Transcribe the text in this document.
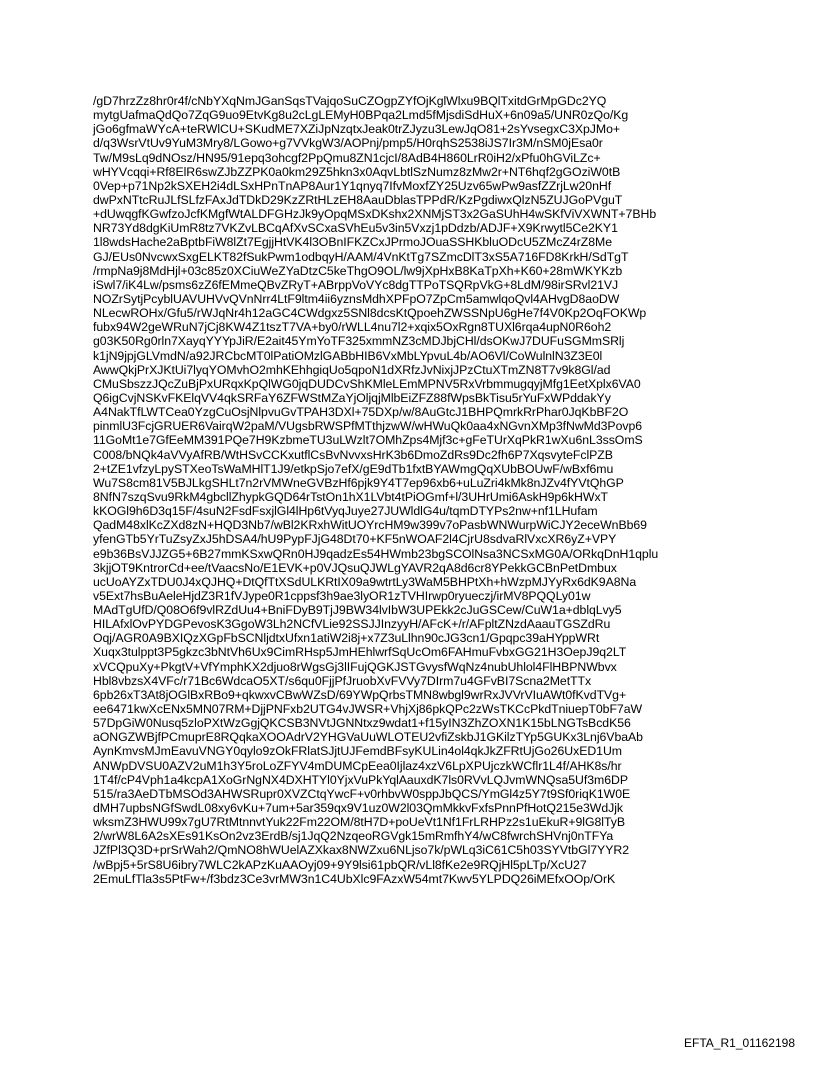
/gD7hrzZz8hr0r4f/cNbYXqNmJGanSqsTVajqoSuCZOgpZYfOjKglWlxu9BQlTxitdGrMpGDc2YQ
mytgUafmaQdQo7ZqG9uo9EtvKg8u2cLgLEMyH0BPqa2Lmd5fMjsdiSdHuX+6n09a5/UNR0zQo/Kg
jGo6gfmaWYcA+teRWlCU+SKudME7XZiJpNzqtxJeak0trZJyzu3LewJqO81+2sYvsegxC3XpJMo+
d/q3WsrVtUv9YuM3Mry8/LGowo+g7VVkgW3/AOPnj/pmp5/H0rqhS2538iJS7Ir3M/nSM0jEsa0r
Tw/M9sLq9dNOsz/HN95/91epq3ohcgf2PpQmu8ZN1cjcI/8AdB4H860LrR0iH2/xPfu0hGViLZc+
wHYVcqqi+Rf8ElR6swZJbZZPK0a0km29Z5hkn3x0AqvLbtlSzNumz8zMw2r+NT6hqf2gGOziW0tB
0Vep+p71Np2kSXEH2i4dLSxHPnTnAP8Aur1Y1qnyq7IfvMoxfZY25Uzv65wPw9asfZZrjLw20nHf
dwPxNTtcRuJLfSLfzFAxJdTDkD29KzZRtHLzEH8AauDblasTPPdR/KzPgdiwxQlzN5ZUJGoPVguT
+dUwqgfKGwfzoJcfKMgfWtALDFGHzJk9yOpqMSxDKshx2XNMjST3x2GaSUhH4wSKfViVXWNT+7BHb
NR73Yd8dgKiUmR8tz7VKZvLBCqAfXvSCxaSVhEu5v3in5Vxzj1pDdzb/ADJF+X9Krwytl5Ce2KY1
1l8wdsHache2aBptbFiW8lZt7EgjjHtVK4l3OBnIFKZCxJPrmoJOuaSSHKbluODcU5ZMcZ4rZ8Me
GJ/EUs0NvcwxSxgELKT82fSukPwm1odbqyH/AAM/4VnKtTg7SZmcDlT3xS5A716FD8KrkH/SdTgT
/rmpNa9j8MdHjl+03c85z0XCiuWeZYaDtzC5keThgO9OL/lw9jXpHxB8KaTpXh+K60+28mWKYKzb
iSwl7/iK4Lw/psms6zZ6fEMmeQBvZRyT+ABrppVoVYc8dgTTPoTSQRpVkG+8LdM/98irSRvl21VJ
NOZrSytjPcyblUAVUHVvQVnNrr4LtF9ltm4ii6yznsMdhXPFpO7ZpCm5amwlqoQvl4AHvgD8aoDW
NLecwROHx/Gfu5/rWJqNr4h12aGC4CWdgxz5SNl8dcsKtQpoehZWSSNpU6gHe7f4V0Kp2OqFOKWp
fubx94W2geWRuN7jCj8KW4Z1tszT7VA+by0/rWLL4nu7l2+xqix5OxRgn8TUXl6rqa4upN0R6oh2
g03K50Rg0rln7XayqYYYpJiR/E2ait45YmYoTF325xmmNZ3cMDJbjCHl/dsOKwJ7DUFuSGMmSRlj
k1jN9jpjGLVmdN/a92JRCbcMT0lPatiOMzlGABbHIB6VxMbLYpvuL4b/AO6Vl/CoWulnlN3Z3E0l
AwwQkjPrXJKtUi7lyqYOMvhO2mhKEhhgiqUo5qpoN1dXRfzJvNixjJPzCtuXTmZN8T7v9k8Gl/ad
CMuSbszzJQcZuBjPxURqxKpQlWG0jqDUDCvShKMleLEmMPNV5RxVrbmmugqyjMfg1EetXplx6VA0
Q6igCvjNSKvFKElqVV4qkSRFaY6ZFWStMZaYjOljqjMlbEiZFZ88fWpsBkTisu5rYuFxWPddakYy
A4NakTfLWTCea0YzgCuOsjNlpvuGvTPAH3DXl+75DXp/w/8AuGtcJ1BHPQmrkRrPhar0JqKbBF2O
pinmlU3FcjGRUER6VairqW2paM/VUgsbRWSPfMTthjzwW/wHWuQk0aa4xNGvnXMp3fNwMd3Povp6
11GoMt1e7GfEeMM391PQe7H9KzbmeTU3uLWzlt7OMhZps4Mjf3c+gFeTUrXqPkR1wXu6nL3ssOmS
C008/bNQk4aVVyAfRB/WtHSvCCKxutflCsBvNvvxsHrK3b6DmoZdRs9Dc2fh6P7XqsvyteFclPZB
2+tZE1vfzyLpySTXeoTsWaMHlT1J9/etkpSjo7efX/gE9dTb1fxtBYAWmgQqXUbBOUwF/wBxf6mu
Wu7S8cm81V5BJLkgSHLt7n2rVMWneGVBzHf6pjk9Y4T7ep96xb6+uLuZri4kMk8nJZv4fYVtQhGP
8NfN7szqSvu9RkM4gbcllZhypkGQD64rTstOn1hX1LVbt4tPiOGmf+l/3UHrUmi6AskH9p6kHWxT
kKOGl9h6D3q15F/4suN2FsdFsxjlGl4lHp6tVyqJuye27JUWldlG4u/tqmDTYPs2nw+nf1LHufam
QadM48xlKcZXd8zN+HQD3Nb7/wBl2KRxhWitUOYrcHM9w399v7oPasbWNWurpWiCJY2eceWnBb69
yfenGTb5YrTuZsyZxJ5hDSA4/hU9PypFJjG48Dt70+KF5nWOAF2l4CjrU8sdvaRlVxcXR6yZ+VPY
e9b36BsVJJZG5+6B27mmKSxwQRn0HJ9qadzEs54HWmb23bgSCOlNsa3NCSxMG0A/ORkqDnH1qplu
3kjjOT9KntrorCd+ee/tVaacsNo/E1EVK+p0VJQsuQJWLgYAVR2qA8d6cr8YPekkGCBnPetDmbux
ucUoAYZxTDU0J4xQJHQ+DtQfTtXSdULKRtIX09a9wtrtLy3WaM5BHPtXh+hWzpMJYyRx6dK9A8Na
v5Ext7hsBuAeleHjdZ3R1fVJype0R1cppsf3h9ae3lyOR1zTVHIrwp0ryueczj/irMV8PQQLy01w
MAdTgUfD/Q08O6f9vlRZdUu4+BniFDyB9TjJ9BW34lvIbW3UPEkk2cJuGSCew/CuW1a+dblqLvy5
HILAfxlOvPYDGPevosK3GgoW3Lh2NCfVLie92SSJJInzyyH/AFcK+/r/AFpltZNzdAaauTGSZdRu
Oqj/AGR0A9BXIQzXGpFbSCNljdtxUfxn1atiW2i8j+x7Z3uLlhn90cJG3cn1/Gpqpc39aHYppWRt
Xuqx3tulppt3P5gkzc3bNtVh6Ux9CimRHsp5JmHEhlwrfSqUcOm6FAHmuFvbxGG21H3OepJ9q2LT
xVCQpuXy+PkgtV+VfYmphKX2djuo8rWgsGj3lIFujQGKJSTGvysfWqNz4nubUhlol4FlHBPNWbvx
Hbl8vbzsX4VFc/r71Bc6WdcaO5XT/s6qu0FjjPfJruobXvFVVy7DIrm7u4GFvBI7Scna2MetTTx
6pb26xT3At8jOGlBxRBo9+qkwxvCBwWZsD/69YWpQrbsTMN8wbgl9wrRxJVVrVIuAWt0fKvdTVg+
ee6471kwXcENx5MN07RM+DjjPNFxb2UTG4vJWSR+VhjXj86pkQPc2zWsTKCcPkdTniuepT0bF7aW
57DpGiW0Nusq5zloPXtWzGgjQKCSB3NVtJGNNtxz9wdat1+f15yIN3ZhZOXN1K15bLNGTsBcdK56
aONGZWBjfPCmuprE8RQqkaXOOAdrV2YHGVaUuWLOTEU2vfiZskbJ1GKilzTYp5GUKx3Lnj6VbaAb
AynKmvsMJmEavuVNGY0qylo9zOkFRlatSJjtUJFemdBFsyKULin4ol4qkJkZFRtUjGo26UxED1Um
ANWpDVSU0AZV2uM1h3Y5roLoZFYV4mDUMCpEea0Ijlaz4xzV6LpXPUjczkWCflr1L4f/AHK8s/hr
1T4f/cP4Vph1a4kcpA1XoGrNgNX4DXHTYl0YjxVuPkYqlAauxdK7ls0RVvLQJvmWNQsa5Uf3m6DP
515/ra3AeDTbMSOd3AHWSRupr0XVZCtqYwcF+v0rhbvW0sppJbQCS/YmGl4z5Y7t9Sf0riqK1W0E
dMH7upbsNGfSwdL08xy6vKu+7um+5ar359qx9V1uz0W2l03QmMkkvFxfsPnnPfHotQ215e3WdJjk
wksmZ3HWU99x7gU7RtMtnnvtYuk22Fm22OM/8tH7D+poUeVt1Nf1FrLRHPz2s1uEkuR+9lG8lTyB
2/wrW8L6A2sXEs91KsOn2vz3ErdB/sj1JqQ2NzqeoRGVgk15mRmfhY4/wC8fwrchSHVnj0nTFYa
JZfPl3Q3D+prSrWah2/QmNO8hWUelAZXkax8NWZxu6NLjso7k/pWLq3iC61C5h03SYVtbGl7YYR2
/wBpj5+5rS8U6ibry7WLC2kAPzKuAAOyj09+9Y9lsi61pbQR/vLl8fKe2e9RQjHl5pLTp/XcU27
2EmuLfTla3s5PtFw+/f3bdz3Ce3vrMW3n1C4UbXlc9FAzxW54mt7Kwv5YLPDQ26iMEfxOOp/OrK
EFTA_R1_01162198
